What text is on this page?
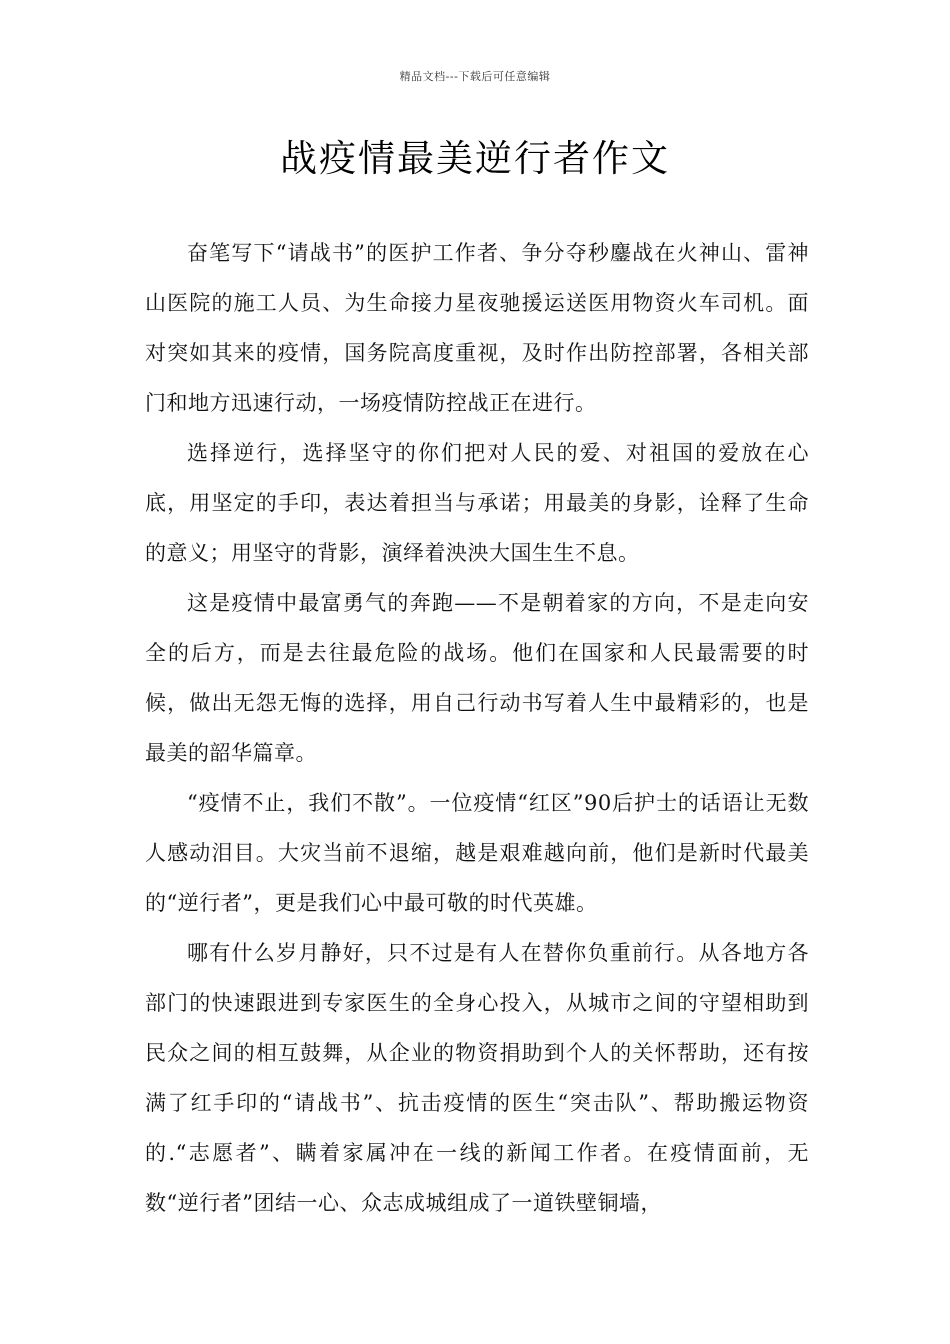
精品文档---下载后可任意编辑
战疫情最美逆行者作文

奋笔写下“请战书”的医护工作者、争分夺秒鏖战在火神山、雷神山医院的施工人员、为生命接力星夜驰援运送医用物资火车司机。面对突如其来的疫情，国务院高度重视，及时作出防控部署，各相关部门和地方迅速行动，一场疫情防控战正在进行。

选择逆行，选择坚守的你们把对人民的爱、对祖国的爱放在心底，用坚定的手印，表达着担当与承诺；用最美的身影，诠释了生命的意义；用坚守的背影，演绎着泱泱大国生生不息。

这是疫情中最富勇气的奔跑——不是朝着家的方向，不是走向安全的后方，而是去往最危险的战场。他们在国家和人民最需要的时候，做出无怨无悔的选择，用自己行动书写着人生中最精彩的，也是最美的韶华篇章。

“疫情不止，我们不散”。一位疫情“红区”90后护士的话语让无数人感动泪目。大灾当前不退缩，越是艰难越向前，他们是新时代最美的“逆行者”，更是我们心中最可敬的时代英雄。

哪有什么岁月静好，只不过是有人在替你负重前行。从各地方各部门的快速跟进到专家医生的全身心投入，从城市之间的守望相助到民众之间的相互鼓舞，从企业的物资捐助到个人的关怀帮助，还有按满了红手印的“请战书”、抗击疫情的医生“突击队”、帮助搬运物资的.“志愿者”、瞒着家属冲在一线的新闻工作者。在疫情面前，无数“逆行者”团结一心、众志成城组成了一道铁壁铜墙，
